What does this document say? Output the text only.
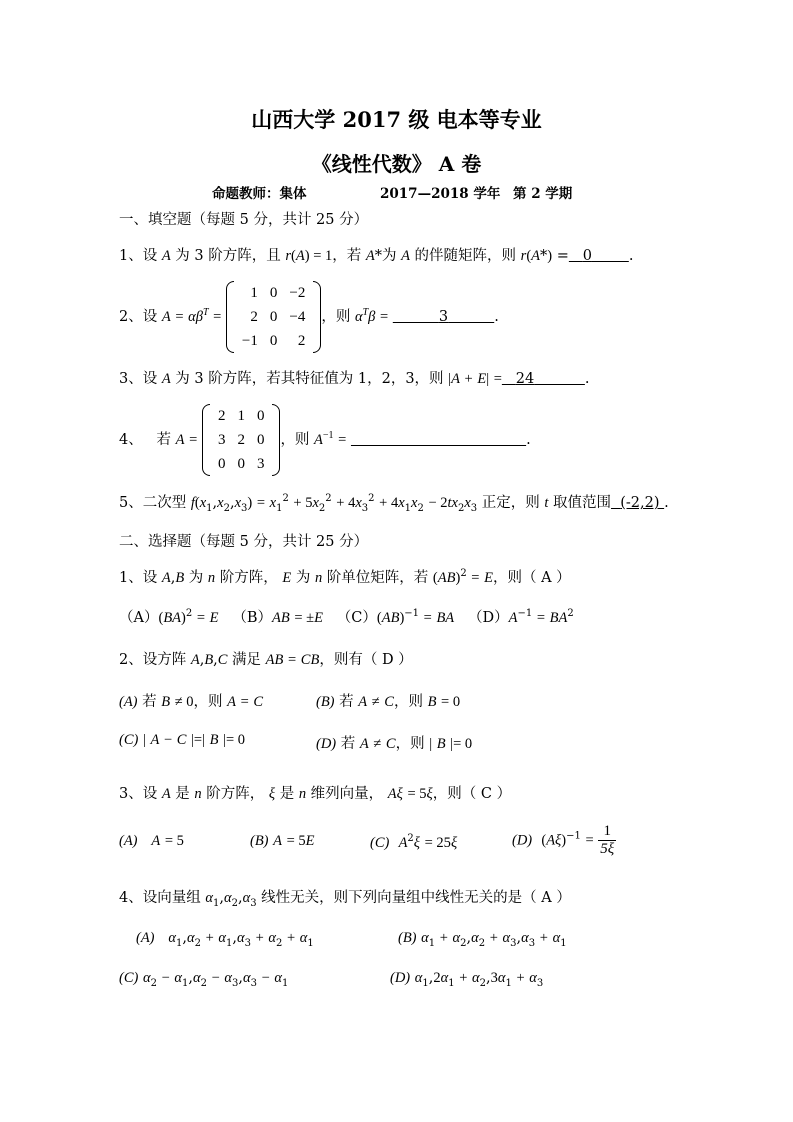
山西大学 2017 级 电本等专业
《线性代数》 A 卷
命题教师：集体	2017—2018 学年 第 2 学期
一、填空题（每题 5 分，共计 25 分）
1、设 A 为 3 阶方阵，且 r(A) = 1，若 A*为 A 的伴随矩阵，则 r(A*) = 0	.
2、设 $A = \alpha\beta^T$ =
1	0	−2
2	0	−4
−1	0	2
，则 $\alpha^T\beta$ =	3	.
3、设 A 为 3 阶方阵，若其特征值为 1，2，3，则 |A + E| = 24	.
4、   若 A =
2	1	0
3	2	0
0	0	3
，则 $A^{-1}$ =	.
5、二次型 $f(x_1,x_2,x_3) = x_1^2 + 5x_2^2 + 4x_3^2 + 4x_1x_2 - 2tx_2x_3$ 正定，则 t 取值范围 (-2,2) .
二、选择题（每题 5 分，共计 25 分）
1、设 A,B 为 n 阶方阵， E 为 n 阶单位矩阵，若 (AB)$^2$ = E，则（ A ）
（A）(BA)$^2$ = E   （B）AB = ±E   （C）(AB)$^{-1}$ = BA   $(D)A^{-1} = BA^2$
2、设方阵 A,B,C 满足 AB = CB，则有（ D ）
(A) 若 B ≠ 0，则 A = C	(B) 若 A ≠ C，则 B = 0
(C) | A − C |=| B |= 0	(D) 若 A ≠ C，则 | B |= 0
3、设 A 是 n 阶方阵， ξ 是 n 维列向量， Aξ = 5ξ，则（ C ）
(A) A = 5	(B) A = 5E	(C) $A^2\xi = 25\xi$	(D) $(A\xi)^{-1} = \frac{1}{5\xi}$
4、设向量组 $\alpha_1,\alpha_2,\alpha_3$ 线性无关，则下列向量组中线性无关的是（ A ）
(A) $\alpha_1,\alpha_2 + \alpha_1,\alpha_3 + \alpha_2 + \alpha_1$	(B) $\alpha_1 + \alpha_2,\alpha_2 + \alpha_3,\alpha_3 + \alpha_1$
(C) $\alpha_2 - \alpha_1,\alpha_2 - \alpha_3,\alpha_3 - \alpha_1$	(D) $\alpha_1,2\alpha_1 + \alpha_2,3\alpha_1 + \alpha_3$
